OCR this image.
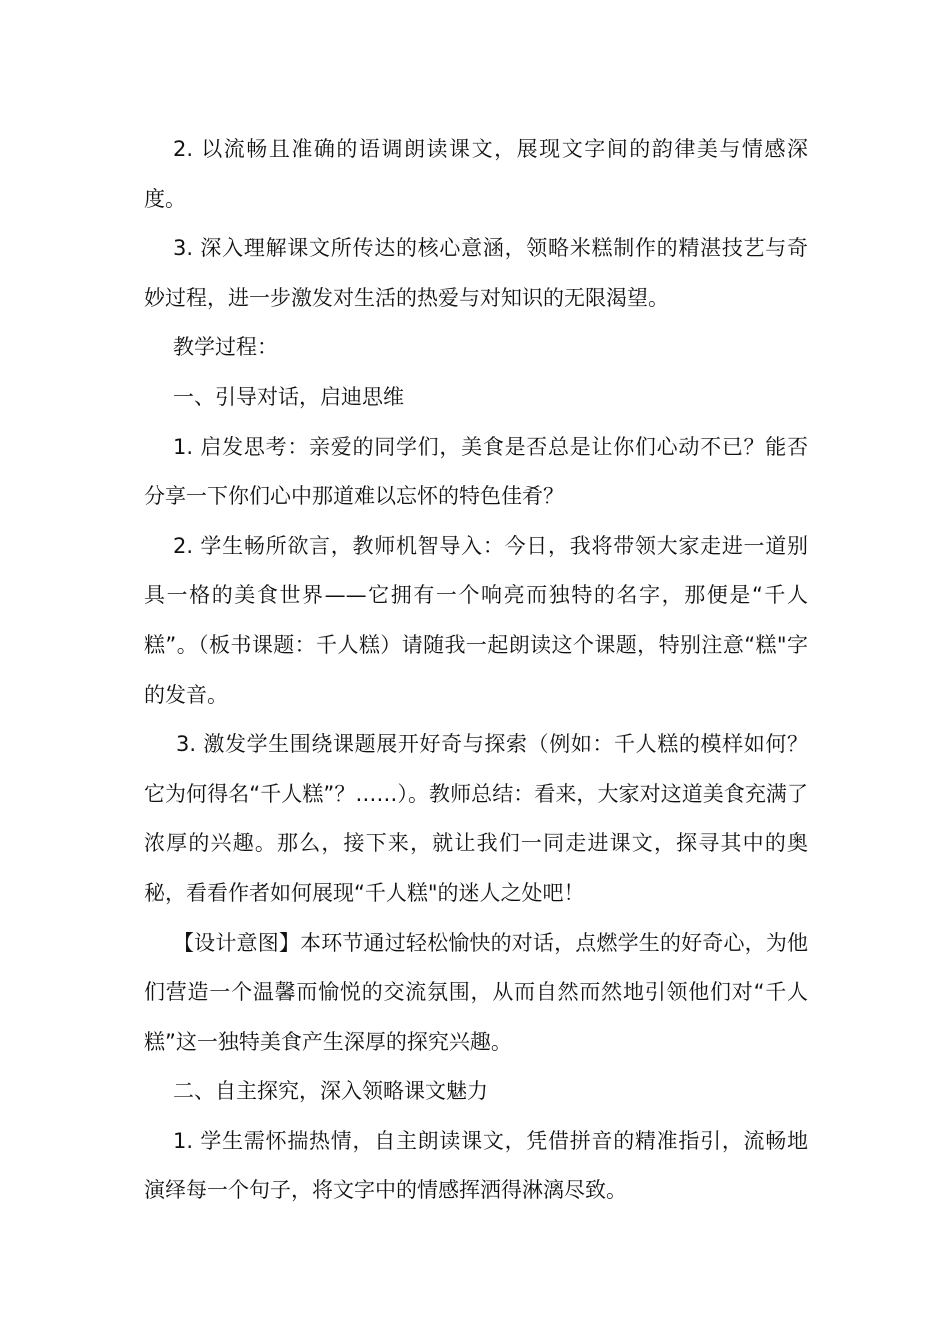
2. 以流畅且准确的语调朗读课文，展现文字间的韵律美与情感深度。

3. 深入理解课文所传达的核心意涵，领略米糕制作的精湛技艺与奇妙过程，进一步激发对生活的热爱与对知识的无限渴望。

教学过程：

一、引导对话，启迪思维

1. 启发思考：亲爱的同学们，美食是否总是让你们心动不已？能否分享一下你们心中那道难以忘怀的特色佳肴？

2. 学生畅所欲言，教师机智导入：今日，我将带领大家走进一道别具一格的美食世界——它拥有一个响亮而独特的名字，那便是“千人糕”。（板书课题：千人糕）请随我一起朗读这个课题，特别注意“糕"字的发音。

3. 激发学生围绕课题展开好奇与探索（例如：千人糕的模样如何？它为何得名“千人糕”？……）。教师总结：看来，大家对这道美食充满了浓厚的兴趣。那么，接下来，就让我们一同走进课文，探寻其中的奥秘，看看作者如何展现“千人糕"的迷人之处吧！

【设计意图】本环节通过轻松愉快的对话，点燃学生的好奇心，为他们营造一个温馨而愉悦的交流氛围，从而自然而然地引领他们对“千人糕”这一独特美食产生深厚的探究兴趣。

二、自主探究，深入领略课文魅力

1. 学生需怀揣热情，自主朗读课文，凭借拼音的精准指引，流畅地演绎每一个句子，将文字中的情感挥洒得淋漓尽致。
